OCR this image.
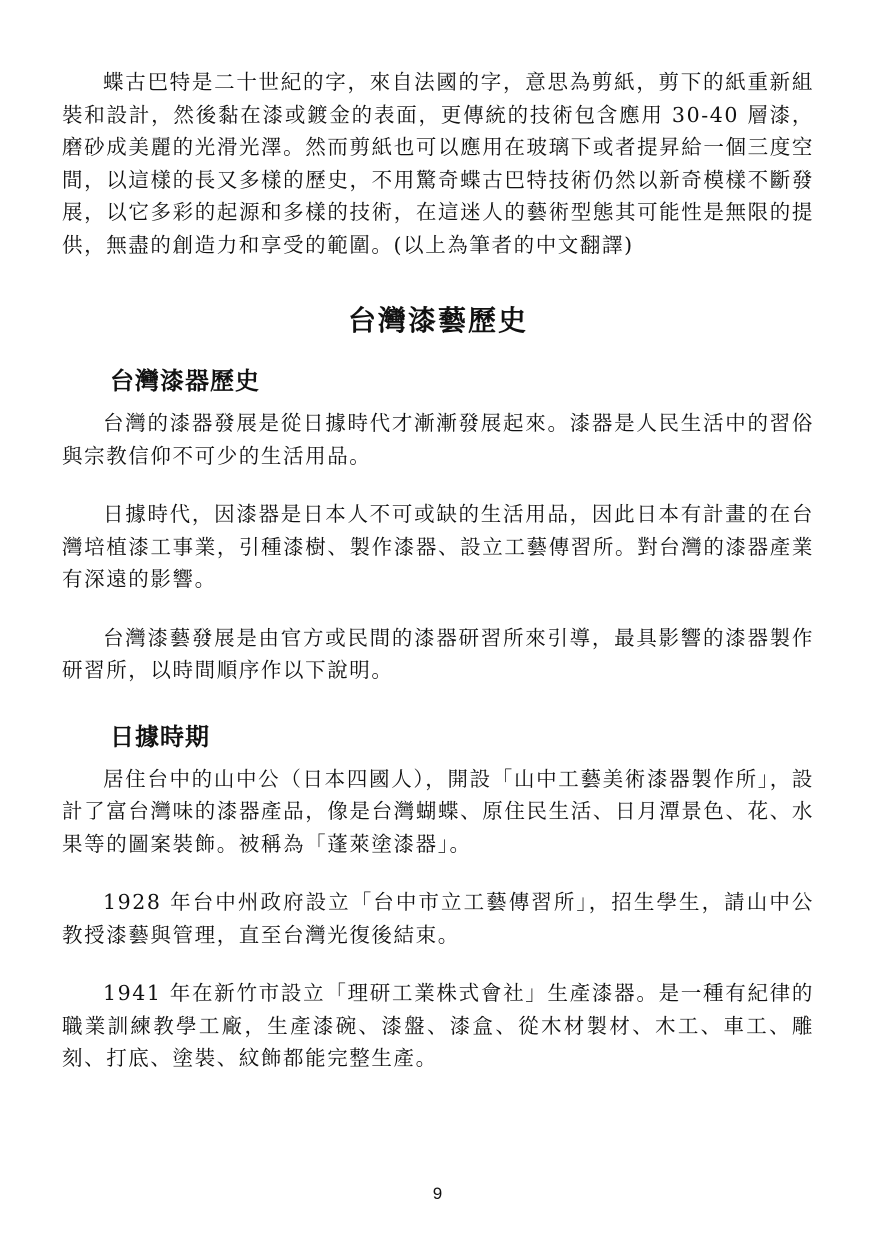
蝶古巴特是二十世紀的字，來自法國的字，意思為剪紙，剪下的紙重新組裝和設計，然後黏在漆或鍍金的表面，更傳統的技術包含應用 30-40 層漆，磨砂成美麗的光滑光澤。然而剪紙也可以應用在玻璃下或者提昇給一個三度空間，以這樣的長又多樣的歷史，不用驚奇蝶古巴特技術仍然以新奇模樣不斷發展，以它多彩的起源和多樣的技術，在這迷人的藝術型態其可能性是無限的提供，無盡的創造力和享受的範圍。(以上為筆者的中文翻譯)

台灣漆藝歷史
台灣漆器歷史

台灣的漆器發展是從日據時代才漸漸發展起來。漆器是人民生活中的習俗與宗教信仰不可少的生活用品。

日據時代，因漆器是日本人不可或缺的生活用品，因此日本有計畫的在台灣培植漆工事業，引種漆樹、製作漆器、設立工藝傳習所。對台灣的漆器產業有深遠的影響。

台灣漆藝發展是由官方或民間的漆器研習所來引導，最具影響的漆器製作研習所，以時間順序作以下說明。

日據時期

居住台中的山中公（日本四國人），開設「山中工藝美術漆器製作所」，設計了富台灣味的漆器產品，像是台灣蝴蝶、原住民生活、日月潭景色、花、水果等的圖案裝飾。被稱為「蓬萊塗漆器」。

1928 年台中州政府設立「台中市立工藝傳習所」，招生學生，請山中公教授漆藝與管理，直至台灣光復後結束。

1941 年在新竹市設立「理研工業株式會社」生產漆器。是一種有紀律的職業訓練教學工廠，生產漆碗、漆盤、漆盒、從木材製材、木工、車工、雕刻、打底、塗裝、紋飾都能完整生產。

9
